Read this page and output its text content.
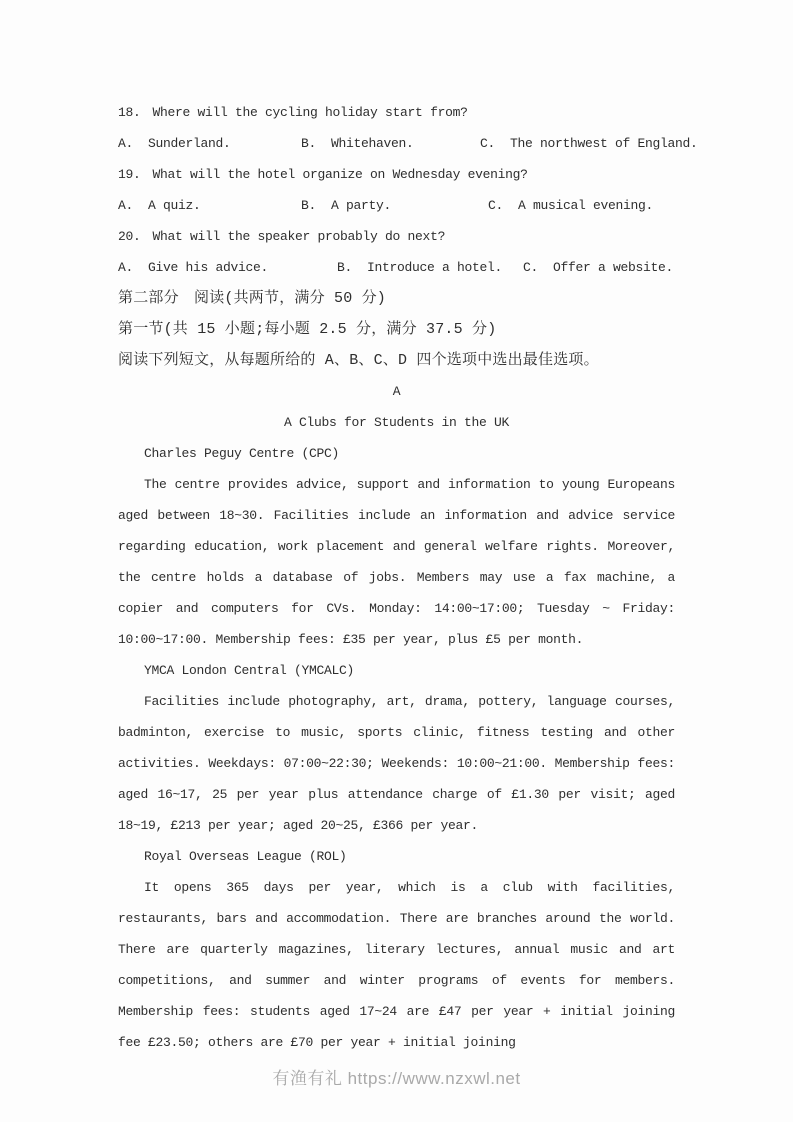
18. Where will the cycling holiday start from?
A.  Sunderland.	B.  Whitehaven.	C.  The northwest of England.
19. What will the hotel organize on Wednesday evening?
A.  A quiz.	B.  A party.	C.  A musical evening.
20. What will the speaker probably do next?
A.  Give his advice.	B.  Introduce a hotel.	C.  Offer a website.
第二部分　阅读(共两节，满分 50 分)
第一节(共 15 小题;每小题 2.5 分，满分 37.5 分)
阅读下列短文，从每题所给的 A、B、C、D 四个选项中选出最佳选项。
A
A Clubs for Students in the UK
Charles Peguy Centre (CPC)
The centre provides advice, support and information to young Europeans aged between 18~30. Facilities include an information and advice service regarding education, work placement and general welfare rights. Moreover, the centre holds a database of jobs. Members may use a fax machine, a copier and computers for CVs. Monday: 14:00~17:00; Tuesday ~ Friday: 10:00~17:00. Membership fees: £35 per year, plus £5 per month.
YMCA London Central (YMCALC)
Facilities include photography, art, drama, pottery, language courses, badminton, exercise to music, sports clinic, fitness testing and other activities. Weekdays: 07:00~22:30; Weekends: 10:00~21:00. Membership fees: aged 16~17, 25 per year plus attendance charge of £1.30 per visit; aged 18~19, £213 per year; aged 20~25, £366 per year.
Royal Overseas League (ROL)
It opens 365 days per year, which is a club with facilities, restaurants, bars and accommodation. There are branches around the world. There are quarterly magazines, literary lectures, annual music and art competitions, and summer and winter programs of events for members. Membership fees: students aged 17~24 are £47 per year + initial joining fee £23.50; others are £70 per year + initial joining
有渔有礼 https://www.nzxwl.net
